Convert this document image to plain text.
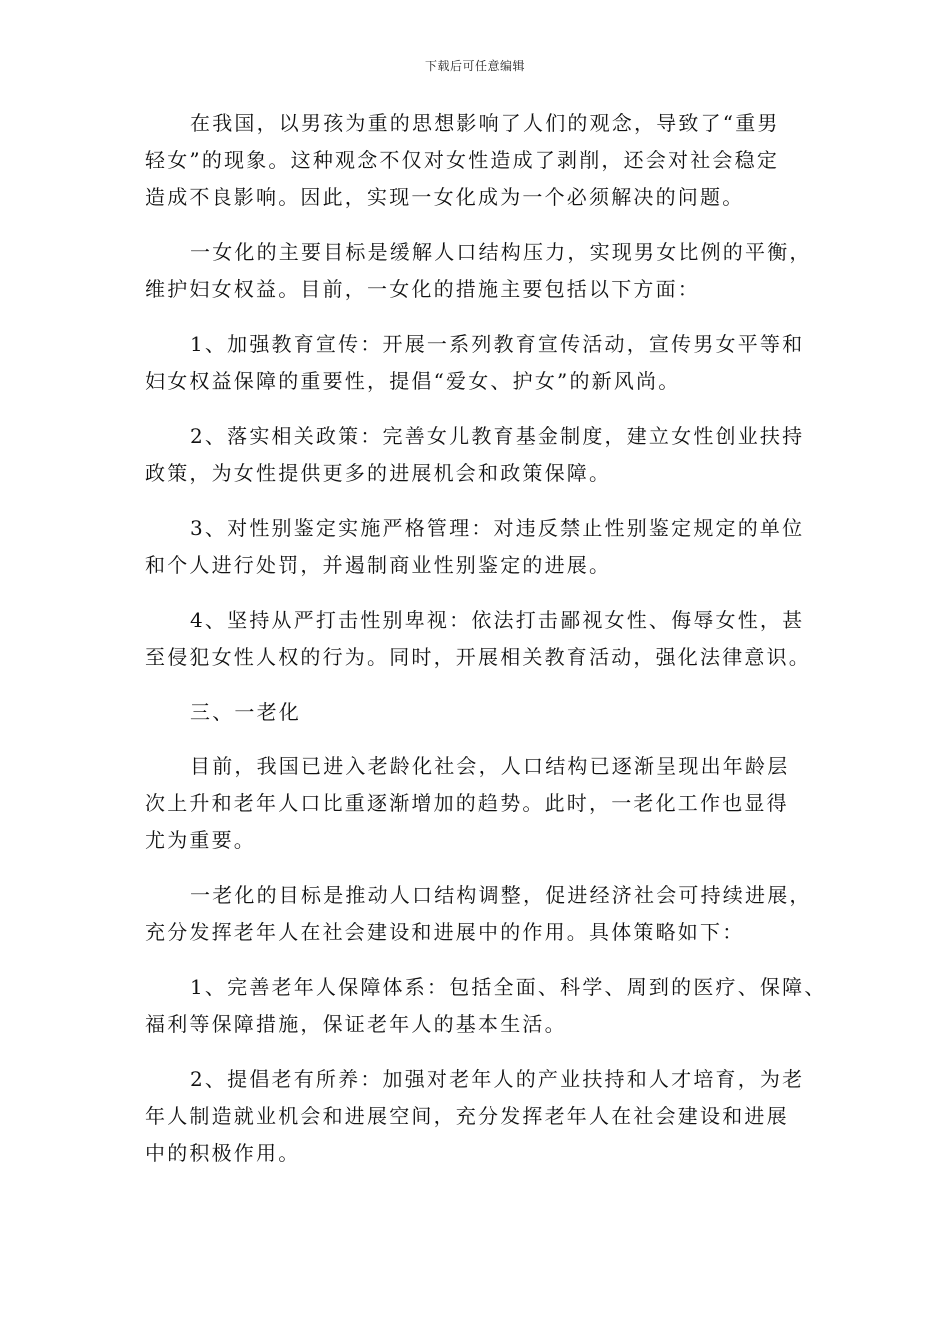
下载后可任意编辑
在我国，以男孩为重的思想影响了人们的观念，导致了“重男
轻女”的现象。这种观念不仅对女性造成了剥削，还会对社会稳定
造成不良影响。因此，实现一女化成为一个必须解决的问题。
一女化的主要目标是缓解人口结构压力，实现男女比例的平衡，
维护妇女权益。目前，一女化的措施主要包括以下方面：
1、加强教育宣传：开展一系列教育宣传活动，宣传男女平等和
妇女权益保障的重要性，提倡“爱女、护女”的新风尚。
2、落实相关政策：完善女儿教育基金制度，建立女性创业扶持
政策，为女性提供更多的进展机会和政策保障。
3、对性别鉴定实施严格管理：对违反禁止性别鉴定规定的单位
和个人进行处罚，并遏制商业性别鉴定的进展。
4、坚持从严打击性别卑视：依法打击鄙视女性、侮辱女性，甚
至侵犯女性人权的行为。同时，开展相关教育活动，强化法律意识。
三、一老化
目前，我国已进入老龄化社会，人口结构已逐渐呈现出年龄层
次上升和老年人口比重逐渐增加的趋势。此时，一老化工作也显得
尤为重要。
一老化的目标是推动人口结构调整，促进经济社会可持续进展，
充分发挥老年人在社会建设和进展中的作用。具体策略如下：
1、完善老年人保障体系：包括全面、科学、周到的医疗、保障、
福利等保障措施，保证老年人的基本生活。
2、提倡老有所养：加强对老年人的产业扶持和人才培育，为老
年人制造就业机会和进展空间，充分发挥老年人在社会建设和进展
中的积极作用。
